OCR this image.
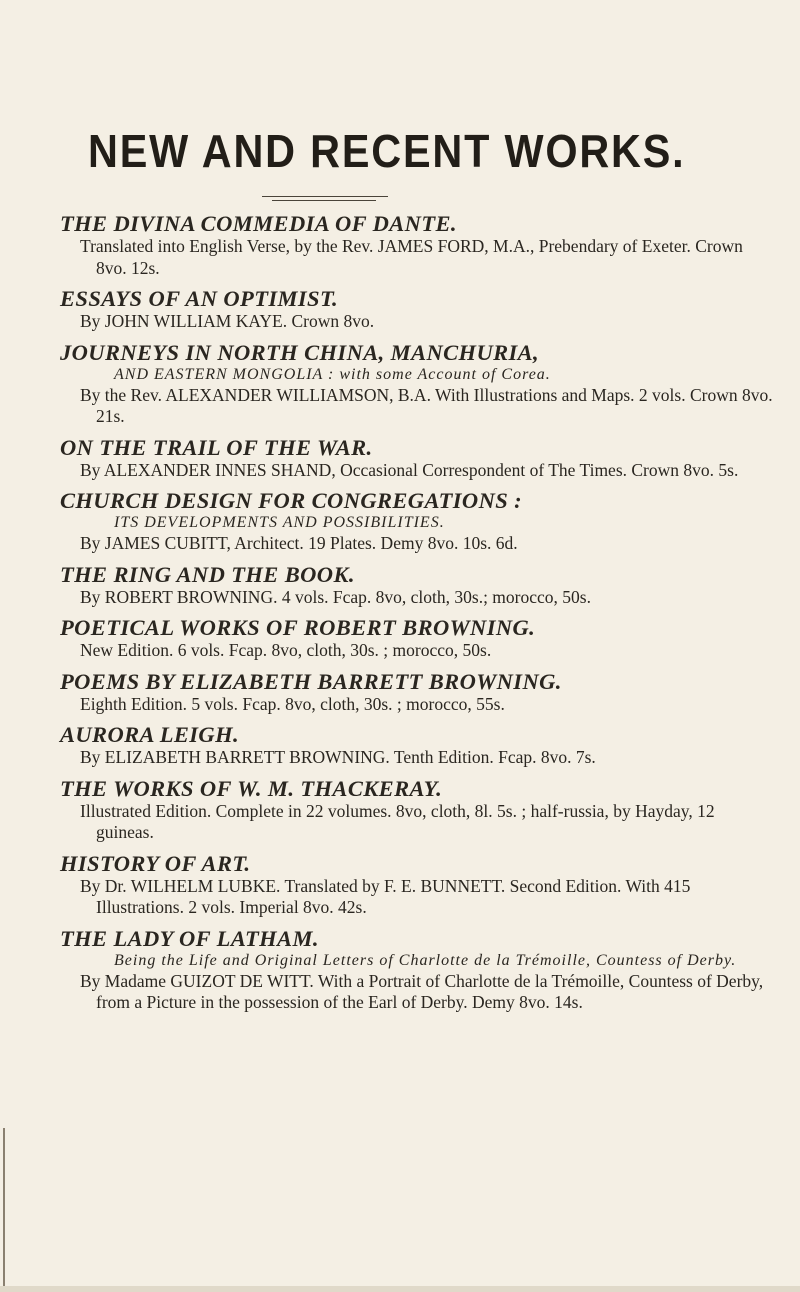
NEW AND RECENT WORKS.
THE DIVINA COMMEDIA OF DANTE.
Translated into English Verse, by the Rev. JAMES FORD, M.A., Prebendary of Exeter. Crown 8vo. 12s.
ESSAYS OF AN OPTIMIST.
By JOHN WILLIAM KAYE. Crown 8vo.
JOURNEYS IN NORTH CHINA, MANCHURIA,
AND EASTERN MONGOLIA : with some Account of Corea.
By the Rev. ALEXANDER WILLIAMSON, B.A. With Illustrations and Maps. 2 vols. Crown 8vo. 21s.
ON THE TRAIL OF THE WAR.
By ALEXANDER INNES SHAND, Occasional Correspondent of The Times. Crown 8vo. 5s.
CHURCH DESIGN FOR CONGREGATIONS :
ITS DEVELOPMENTS AND POSSIBILITIES.
By JAMES CUBITT, Architect. 19 Plates. Demy 8vo. 10s. 6d.
THE RING AND THE BOOK.
By ROBERT BROWNING. 4 vols. Fcap. 8vo, cloth, 30s.; morocco, 50s.
POETICAL WORKS OF ROBERT BROWNING.
New Edition. 6 vols. Fcap. 8vo, cloth, 30s. ; morocco, 50s.
POEMS BY ELIZABETH BARRETT BROWNING.
Eighth Edition. 5 vols. Fcap. 8vo, cloth, 30s. ; morocco, 55s.
AURORA LEIGH.
By ELIZABETH BARRETT BROWNING. Tenth Edition. Fcap. 8vo. 7s.
THE WORKS OF W. M. THACKERAY.
Illustrated Edition. Complete in 22 volumes. 8vo, cloth, 8l. 5s. ; half-russia, by Hayday, 12 guineas.
HISTORY OF ART.
By Dr. WILHELM LUBKE. Translated by F. E. BUNNETT. Second Edition. With 415 Illustrations. 2 vols. Imperial 8vo. 42s.
THE LADY OF LATHAM.
Being the Life and Original Letters of Charlotte de la Trémoille, Countess of Derby.
By Madame GUIZOT DE WITT. With a Portrait of Charlotte de la Trémoille, Countess of Derby, from a Picture in the possession of the Earl of Derby. Demy 8vo. 14s.
